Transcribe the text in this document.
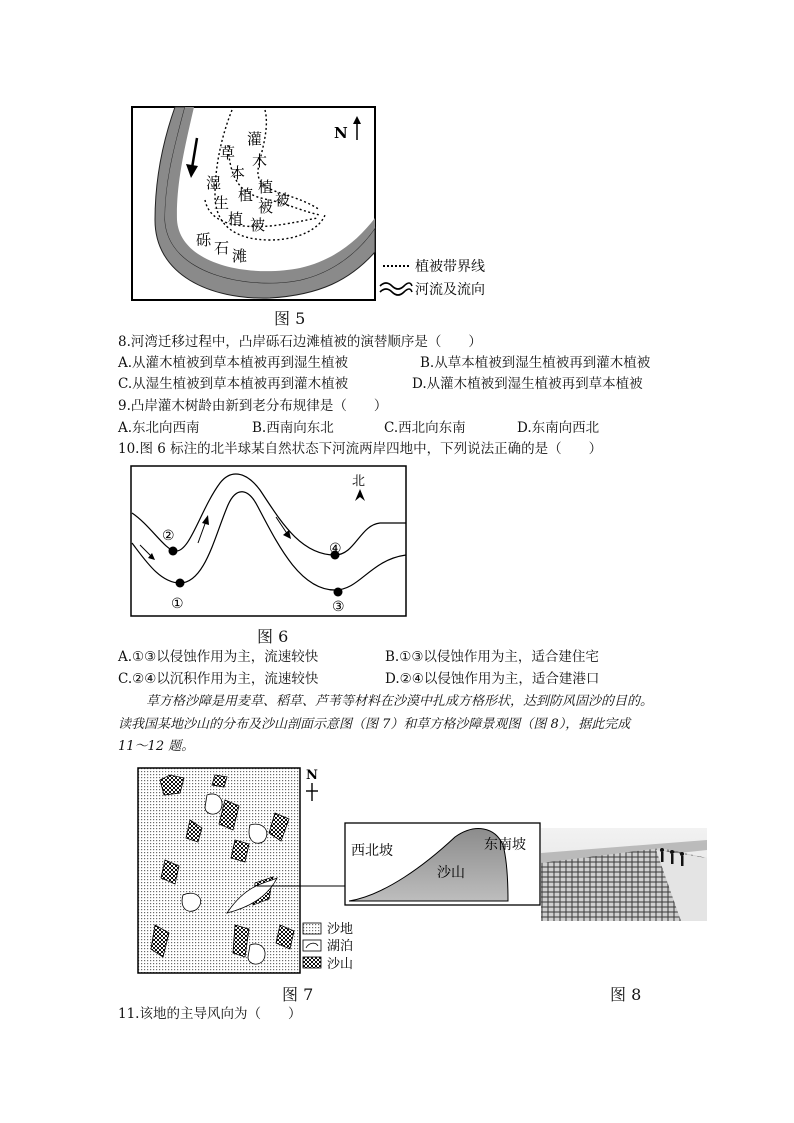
灌
木
植
被
草
本
植
被
湿
生
植 被
砾 石 滩
N
植被带界线
河流及流向
图 5
8.河湾迁移过程中，凸岸砾石边滩植被的演替顺序是（　　）
A.从灌木植被到草本植被再到湿生植被	B.从草本植被到湿生植被再到灌木植被
C.从湿生植被到草本植被再到灌木植被	D.从灌木植被到湿生植被再到草本植被
9.凸岸灌木树龄由新到老分布规律是（　　）
A.东北向西南	B.西南向东北	C.西北向东南	D.东南向西北
10.图 6 标注的北半球某自然状态下河流两岸四地中，下列说法正确的是（　　）
②
①
④
③
北
图 6
A.①③以侵蚀作用为主，流速较快	B.①③以侵蚀作用为主，适合建住宅
C.②④以沉积作用为主，流速较快	D.②④以侵蚀作用为主，适合建港口
草方格沙障是用麦草、稻草、芦苇等材料在沙漠中扎成方格形状，达到防风固沙的目的。
读我国某地沙山的分布及沙山剖面示意图（图 7）和草方格沙障景观图（图 8），据此完成
11～12 题。
沙地
湖泊
沙山
N
西北坡	东南坡
沙山
图 7	图 8
11.该地的主导风向为（　　）
